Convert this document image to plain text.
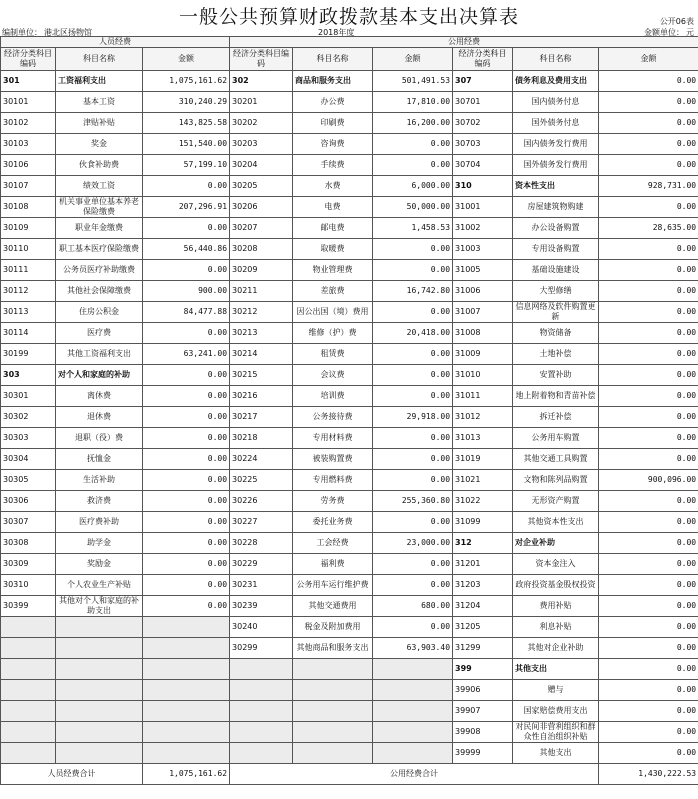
一般公共预算财政拨款基本支出决算表	公开06表
编制单位： 港北区扬物馆	2018年度	金额单位： 元
人员经费			公用经费					
经济分类科目编码	科目名称	金额	经济分类科目编码	科目名称	金额	经济分类科目编码	科目名称	金额
301	工资福利支出	1,075,161.62	302	商品和服务支出	501,491.53	307	债务利息及费用支出	0.00
30101	基本工资	310,240.29	30201	办公费	17,810.00	30701	国内债务付息	0.00
30102	津贴补贴	143,825.58	30202	印刷费	16,200.00	30702	国外债务付息	0.00
30103	奖金	151,540.00	30203	咨询费	0.00	30703	国内债务发行费用	0.00
30106	伙食补助费	57,199.10	30204	手续费	0.00	30704	国外债务发行费用	0.00
30107	绩效工资	0.00	30205	水费	6,000.00	310	资本性支出	928,731.00
30108	机关事业单位基本养老保险缴费	207,296.91	30206	电费	50,000.00	31001	房屋建筑物购建	0.00
30109	职业年金缴费	0.00	30207	邮电费	1,458.53	31002	办公设备购置	28,635.00
30110	职工基本医疗保险缴费	56,440.86	30208	取暖费	0.00	31003	专用设备购置	0.00
30111	公务员医疗补助缴费	0.00	30209	物业管理费	0.00	31005	基础设施建设	0.00
30112	其他社会保障缴费	900.00	30211	差旅费	16,742.80	31006	大型修缮	0.00
30113	住房公积金	84,477.88	30212	因公出国（境）费用	0.00	31007	信息网络及软件购置更新	0.00
30114	医疗费	0.00	30213	维修（护）费	20,418.00	31008	物资储备	0.00
30199	其他工资福利支出	63,241.00	30214	租赁费	0.00	31009	土地补偿	0.00
303	对个人和家庭的补助	0.00	30215	会议费	0.00	31010	安置补助	0.00
30301	离休费	0.00	30216	培训费	0.00	31011	地上附着物和青苗补偿	0.00
30302	退休费	0.00	30217	公务接待费	29,918.00	31012	拆迁补偿	0.00
30303	退职（役）费	0.00	30218	专用材料费	0.00	31013	公务用车购置	0.00
30304	抚恤金	0.00	30224	被装购置费	0.00	31019	其他交通工具购置	0.00
30305	生活补助	0.00	30225	专用燃料费	0.00	31021	文物和陈列品购置	900,096.00
30306	救济费	0.00	30226	劳务费	255,360.80	31022	无形资产购置	0.00
30307	医疗费补助	0.00	30227	委托业务费	0.00	31099	其他资本性支出	0.00
30308	助学金	0.00	30228	工会经费	23,000.00	312	对企业补助	0.00
30309	奖励金	0.00	30229	福利费	0.00	31201	资本金注入	0.00
30310	个人农业生产补贴	0.00	30231	公务用车运行维护费	0.00	31203	政府投资基金股权投资	0.00
30399	其他对个人和家庭的补助支出	0.00	30239	其他交通费用	680.00	31204	费用补贴	0.00
			30240	税金及附加费用	0.00	31205	利息补贴	0.00
			30299	其他商品和服务支出	63,903.40	31299	其他对企业补助	0.00
						399	其他支出	0.00
						39906	赠与	0.00
						39907	国家赔偿费用支出	0.00
						39908	对民间非营利组织和群众性自治组织补贴	0.00
						39999	其他支出	0.00
人员经费合计		1,075,161.62	公用经费合计					1,430,222.53
